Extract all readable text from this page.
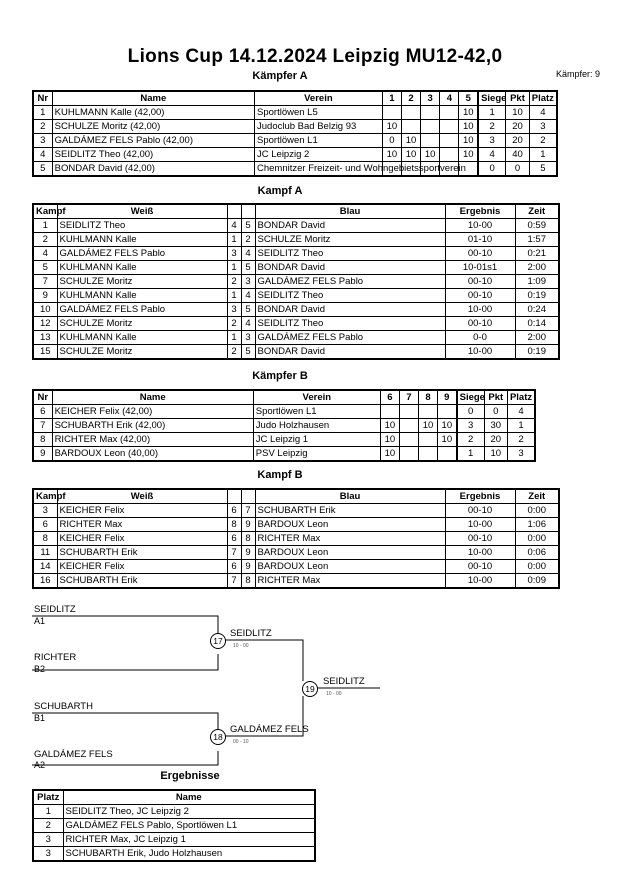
Lions Cup 14.12.2024 Leipzig MU12-42,0
Kämpfer: 9
Kämpfer A
Nr	Name	Verein	1	2	3	4	5	Siege	Pkt	Platz
1	KUHLMANN Kalle (42,00)	Sportlöwen L5					10	1	10	4
2	SCHULZE Moritz (42,00)	Judoclub Bad Belzig 93	10				10	2	20	3
3	GALDÁMEZ FELS Pablo (42,00)	Sportlöwen L1	0	10			10	3	20	2
4	SEIDLITZ Theo (42,00)	JC Leipzig 2	10	10	10		10	4	40	1
5	BONDAR David (42,00)	Chemnitzer Freizeit- und Wohngebietssportverein						0	0	5
Kampf A
Kampf	Weiß			Blau	Ergebnis	Zeit
1	SEIDLITZ Theo	4	5	BONDAR David	10-00	0:59
2	KUHLMANN Kalle	1	2	SCHULZE Moritz	01-10	1:57
4	GALDÁMEZ FELS Pablo	3	4	SEIDLITZ Theo	00-10	0:21
5	KUHLMANN Kalle	1	5	BONDAR David	10-01s1	2:00
7	SCHULZE Moritz	2	3	GALDÁMEZ FELS Pablo	00-10	1:09
9	KUHLMANN Kalle	1	4	SEIDLITZ Theo	00-10	0:19
10	GALDÁMEZ FELS Pablo	3	5	BONDAR David	10-00	0:24
12	SCHULZE Moritz	2	4	SEIDLITZ Theo	00-10	0:14
13	KUHLMANN Kalle	1	3	GALDÁMEZ FELS Pablo	0-0	2:00
15	SCHULZE Moritz	2	5	BONDAR David	10-00	0:19
Kämpfer B
Nr	Name	Verein	6	7	8	9	Siege	Pkt	Platz
6	KEICHER Felix (42,00)	Sportlöwen L1					0	0	4
7	SCHUBARTH Erik (42,00)	Judo Holzhausen	10		10	10	3	30	1
8	RICHTER Max (42,00)	JC Leipzig 1	10			10	2	20	2
9	BARDOUX Leon (40,00)	PSV Leipzig	10				1	10	3
Kampf B
Kampf	Weiß			Blau	Ergebnis	Zeit
3	KEICHER Felix	6	7	SCHUBARTH Erik	00-10	0:00
6	RICHTER Max	8	9	BARDOUX Leon	10-00	1:06
8	KEICHER Felix	6	8	RICHTER Max	00-10	0:00
11	SCHUBARTH Erik	7	9	BARDOUX Leon	10-00	0:06
14	KEICHER Felix	6	9	BARDOUX Leon	00-10	0:00
16	SCHUBARTH Erik	7	8	RICHTER Max	10-00	0:09
SEIDLITZ
A1
RICHTER
B2
17
SEIDLITZ
10 - 00
SCHUBARTH
B1
GALDÁMEZ FELS
A2
18
GALDÁMEZ FELS
00 - 10
19
SEIDLITZ
10 - 00
Ergebnisse
Platz	Name
1	SEIDLITZ Theo, JC Leipzig 2
2	GALDÁMEZ FELS Pablo, Sportlöwen L1
3	RICHTER Max, JC Leipzig 1
3	SCHUBARTH Erik, Judo Holzhausen
